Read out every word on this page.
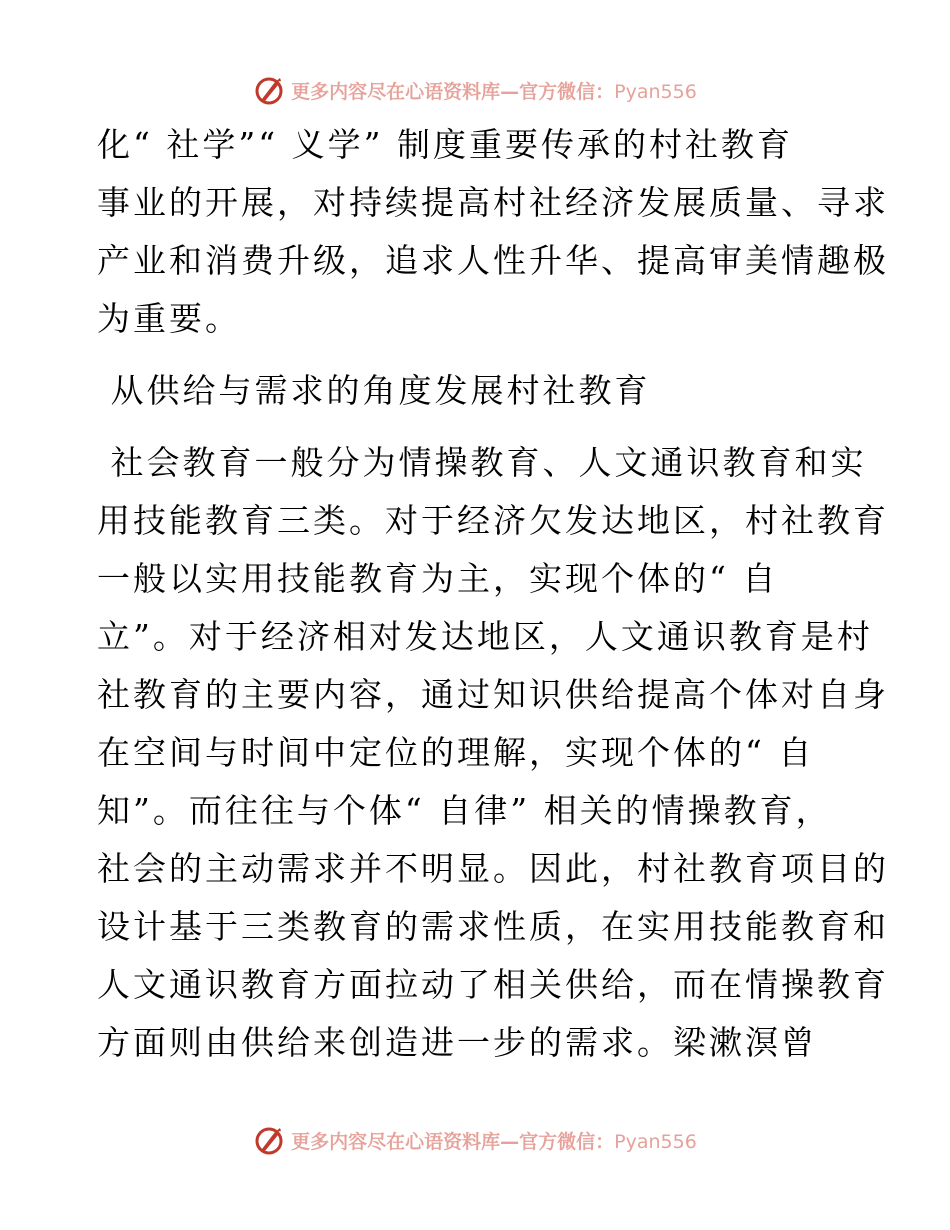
更多内容尽在心语资料库—官方微信：Pyan556
化“ 社学”“ 义学” 制度重要传承的村社教育
事业的开展，对持续提高村社经济发展质量、寻求
产业和消费升级，追求人性升华、提高审美情趣极
为重要。
从供给与需求的角度发展村社教育
社会教育一般分为情操教育、人文通识教育和实
用技能教育三类。对于经济欠发达地区，村社教育
一般以实用技能教育为主，实现个体的“ 自
立”。对于经济相对发达地区，人文通识教育是村
社教育的主要内容，通过知识供给提高个体对自身
在空间与时间中定位的理解，实现个体的“ 自
知”。而往往与个体“ 自律” 相关的情操教育，
社会的主动需求并不明显。因此，村社教育项目的
设计基于三类教育的需求性质，在实用技能教育和
人文通识教育方面拉动了相关供给，而在情操教育
方面则由供给来创造进一步的需求。梁漱溟曾
更多内容尽在心语资料库—官方微信：Pyan556
